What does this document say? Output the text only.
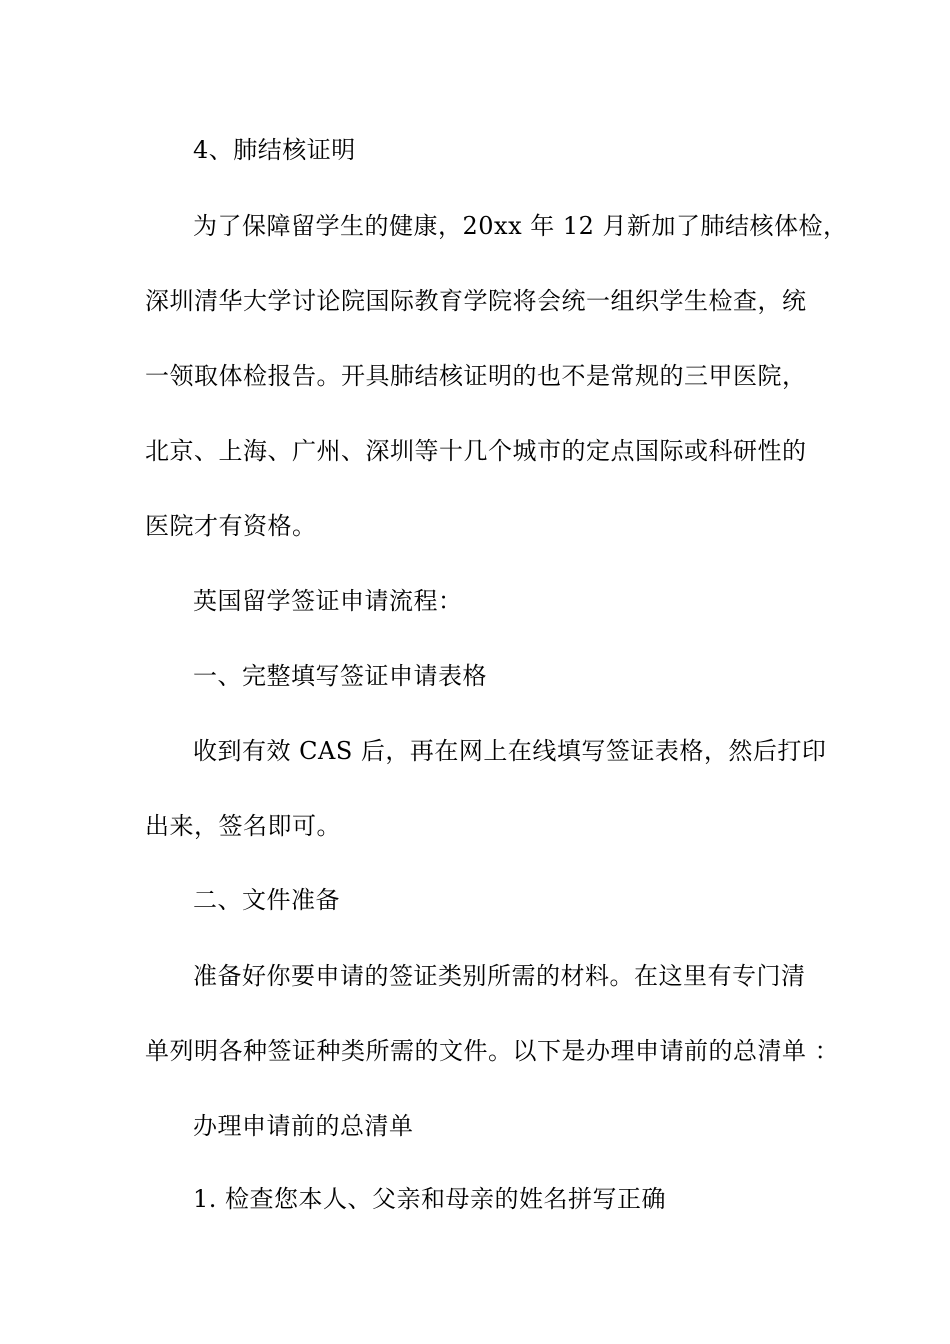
4、肺结核证明
为了保障留学生的健康，20xx 年 12 月新加了肺结核体检，
深圳清华大学讨论院国际教育学院将会统一组织学生检查，统
一领取体检报告。开具肺结核证明的也不是常规的三甲医院，
北京、上海、广州、深圳等十几个城市的定点国际或科研性的
医院才有资格。
英国留学签证申请流程：
一、完整填写签证申请表格
收到有效 CAS 后，再在网上在线填写签证表格，然后打印
出来，签名即可。
二、文件准备
准备好你要申请的签证类别所需的材料。在这里有专门清
单列明各种签证种类所需的文件。以下是办理申请前的总清单 ：
办理申请前的总清单
1. 检查您本人、父亲和母亲的姓名拼写正确
